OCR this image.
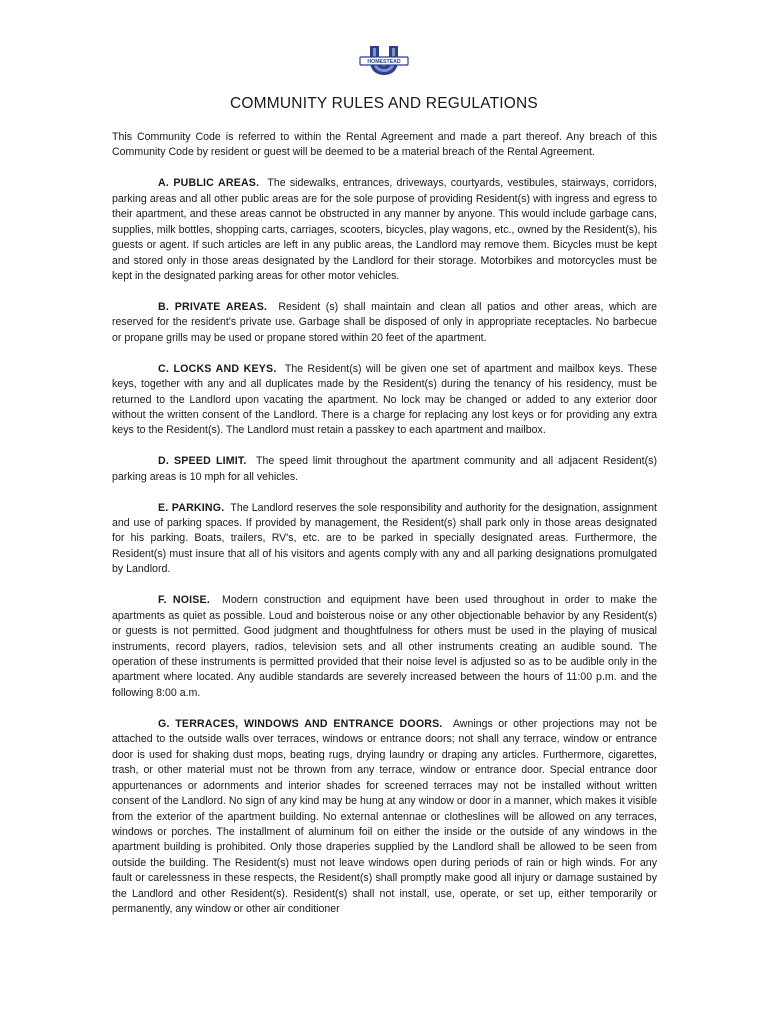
HOMESTEAD
COMMUNITY RULES AND REGULATIONS

This Community Code is referred to within the Rental Agreement and made a part thereof. Any breach of this Community Code by resident or guest will be deemed to be a material breach of the Rental Agreement.

A. PUBLIC AREAS. The sidewalks, entrances, driveways, courtyards, vestibules, stairways, corridors, parking areas and all other public areas are for the sole purpose of providing Resident(s) with ingress and egress to their apartment, and these areas cannot be obstructed in any manner by anyone. This would include garbage cans, supplies, milk bottles, shopping carts, carriages, scooters, bicycles, play wagons, etc., owned by the Resident(s), his guests or agent. If such articles are left in any public areas, the Landlord may remove them. Bicycles must be kept and stored only in those areas designated by the Landlord for their storage. Motorbikes and motorcycles must be kept in the designated parking areas for other motor vehicles.

B. PRIVATE AREAS. Resident (s) shall maintain and clean all patios and other areas, which are reserved for the resident's private use. Garbage shall be disposed of only in appropriate receptacles. No barbecue or propane grills may be used or propane stored within 20 feet of the apartment.

C. LOCKS AND KEYS. The Resident(s) will be given one set of apartment and mailbox keys. These keys, together with any and all duplicates made by the Resident(s) during the tenancy of his residency, must be returned to the Landlord upon vacating the apartment. No lock may be changed or added to any exterior door without the written consent of the Landlord. There is a charge for replacing any lost keys or for providing any extra keys to the Resident(s). The Landlord must retain a passkey to each apartment and mailbox.

D. SPEED LIMIT. The speed limit throughout the apartment community and all adjacent Resident(s) parking areas is 10 mph for all vehicles.

E. PARKING. The Landlord reserves the sole responsibility and authority for the designation, assignment and use of parking spaces. If provided by management, the Resident(s) shall park only in those areas designated for his parking. Boats, trailers, RV's, etc. are to be parked in specially designated areas. Furthermore, the Resident(s) must insure that all of his visitors and agents comply with any and all parking designations promulgated by Landlord.

F. NOISE. Modern construction and equipment have been used throughout in order to make the apartments as quiet as possible. Loud and boisterous noise or any other objectionable behavior by any Resident(s) or guests is not permitted. Good judgment and thoughtfulness for others must be used in the playing of musical instruments, record players, radios, television sets and all other instruments creating an audible sound. The operation of these instruments is permitted provided that their noise level is adjusted so as to be audible only in the apartment where located. Any audible standards are severely increased between the hours of 11:00 p.m. and the following 8:00 a.m.

G. TERRACES, WINDOWS AND ENTRANCE DOORS. Awnings or other projections may not be attached to the outside walls over terraces, windows or entrance doors; not shall any terrace, window or entrance door is used for shaking dust mops, beating rugs, drying laundry or draping any articles. Furthermore, cigarettes, trash, or other material must not be thrown from any terrace, window or entrance door. Special entrance door appurtenances or adornments and interior shades for screened terraces may not be installed without written consent of the Landlord. No sign of any kind may be hung at any window or door in a manner, which makes it visible from the exterior of the apartment building. No external antennae or clotheslines will be allowed on any terraces, windows or porches. The installment of aluminum foil on either the inside or the outside of any windows in the apartment building is prohibited. Only those draperies supplied by the Landlord shall be allowed to be seen from outside the building. The Resident(s) must not leave windows open during periods of rain or high winds. For any fault or carelessness in these respects, the Resident(s) shall promptly make good all injury or damage sustained by the Landlord and other Resident(s). Resident(s) shall not install, use, operate, or set up, either temporarily or permanently, any window or other air conditioner
